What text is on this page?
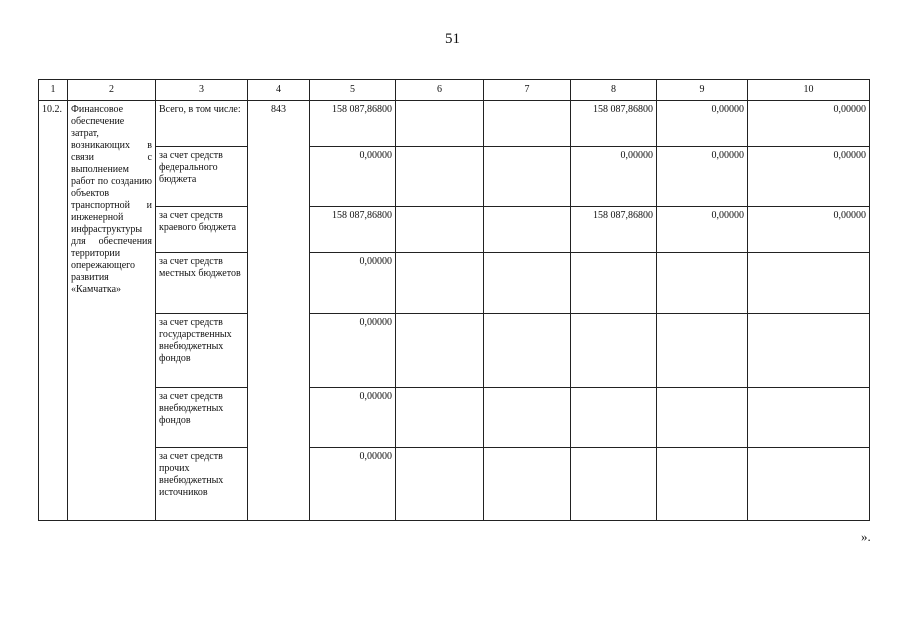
51
1	2	3	4	5	6	7	8	9	10
10.2.	Финансовое обеспечение затрат, возникающих в связи с выполнением работ по созданию объектов транспортной и инженерной инфраструктуры для обеспечения территории опережающего развития «Камчатка»	Всего, в том числе:	843	158 087,86800			158 087,86800	0,00000	0,00000
		за счет средств федерального бюджета		0,00000			0,00000	0,00000	0,00000
		за счет средств краевого бюджета		158 087,86800			158 087,86800	0,00000	0,00000
		за счет средств местных бюджетов		0,00000					
		за счет средств государственных внебюджетных фондов		0,00000					
		за счет средств внебюджетных фондов		0,00000					
		за счет средств прочих внебюджетных источников		0,00000					
».
